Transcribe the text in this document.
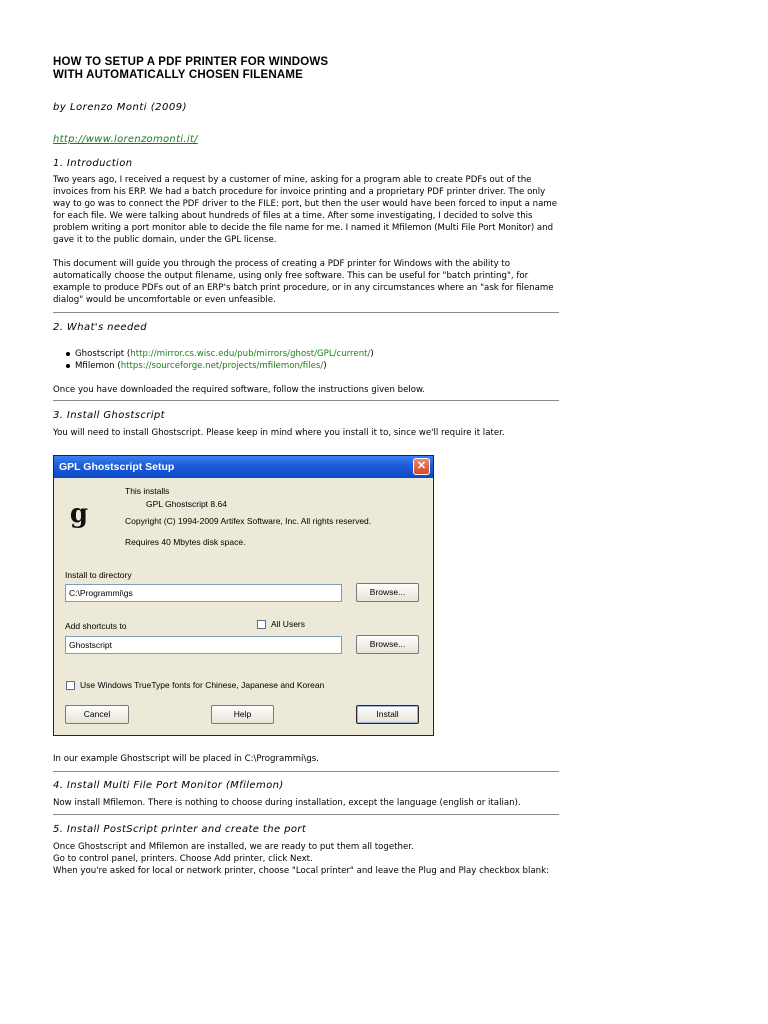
HOW TO SETUP A PDF PRINTER FOR WINDOWS
WITH AUTOMATICALLY CHOSEN FILENAME
by Lorenzo Monti (2009)
http://www.lorenzomonti.it/
1. Introduction

Two years ago, I received a request by a customer of mine, asking for a program able to create PDFs out of the invoices from his ERP. We had a batch procedure for invoice printing and a proprietary PDF printer driver. The only way to go was to connect the PDF driver to the FILE: port, but then the user would have been forced to input a name for each file. We were talking about hundreds of files at a time. After some investigating, I decided to solve this problem writing a port monitor able to decide the file name for me. I named it Mfilemon (Multi File Port Monitor) and gave it to the public domain, under the GPL license.

This document will guide you through the process of creating a PDF printer for Windows with the ability to automatically choose the output filename, using only free software. This can be useful for "batch printing", for example to produce PDFs out of an ERP's batch print procedure, or in any circumstances where an "ask for filename dialog" would be uncomfortable or even unfeasible.

2. What's needed
Ghostscript (http://mirror.cs.wisc.edu/pub/mirrors/ghost/GPL/current/)
Mfilemon (https://sourceforge.net/projects/mfilemon/files/)
Once you have downloaded the required software, follow the instructions given below.
3. Install Ghostscript
You will need to install Ghostscript. Please keep in mind where you install it to, since we'll require it later.
GPL Ghostscript Setup	✕
g
This installs
GPL Ghostscript 8.64
Copyright (C) 1994-2009 Artifex Software, Inc. All rights reserved.
Requires 40 Mbytes disk space.
Install to directory
C:\Programmi\gs	Browse...
All Users
Add shortcuts to
Ghostscript	Browse...
Use Windows TrueType fonts for Chinese, Japanese and Korean
Cancel	Help	Install
In our example Ghostscript will be placed in C:\Programmi\gs.
4. Install Multi File Port Monitor (Mfilemon)
Now install Mfilemon. There is nothing to choose during installation, except the language (english or italian).
5. Install PostScript printer and create the port

Once Ghostscript and Mfilemon are installed, we are ready to put them all together.

Go to control panel, printers. Choose Add printer, click Next.

When you're asked for local or network printer, choose "Local printer" and leave the Plug and Play checkbox blank:
